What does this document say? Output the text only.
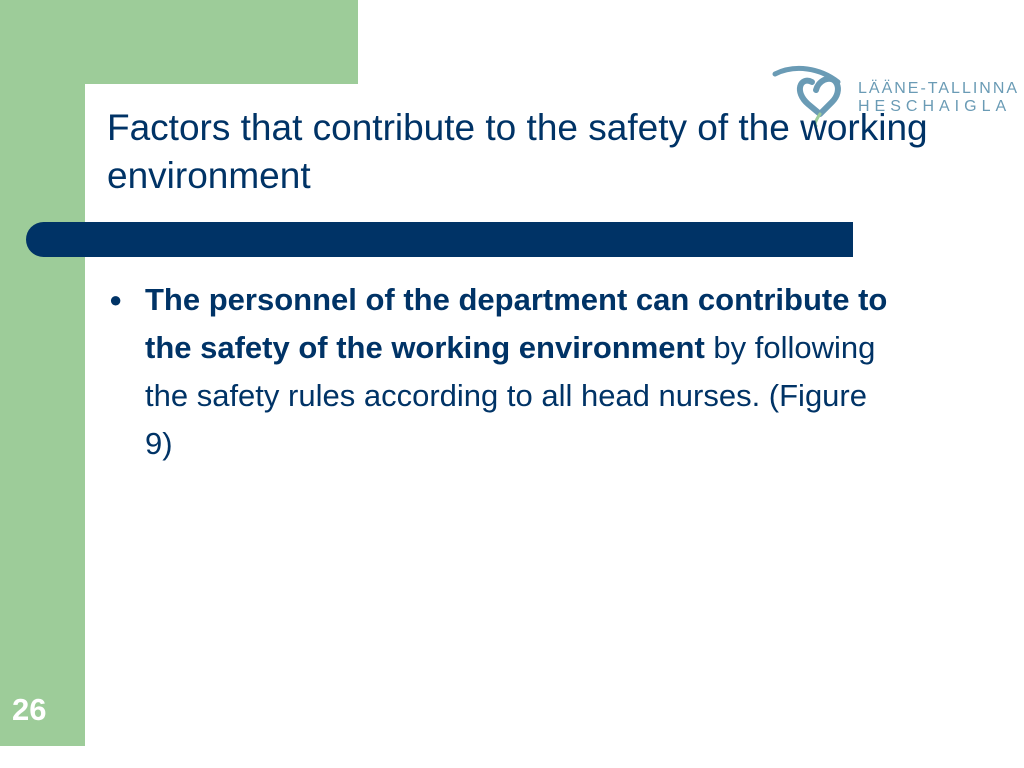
LÄÄNE-TALLINNA
HESCHAIGLA
Factors that contribute to the safety of the working environment
● The personnel of the department can contribute to the safety of the working environment by following the safety rules according to all head nurses. (Figure 9)
26
